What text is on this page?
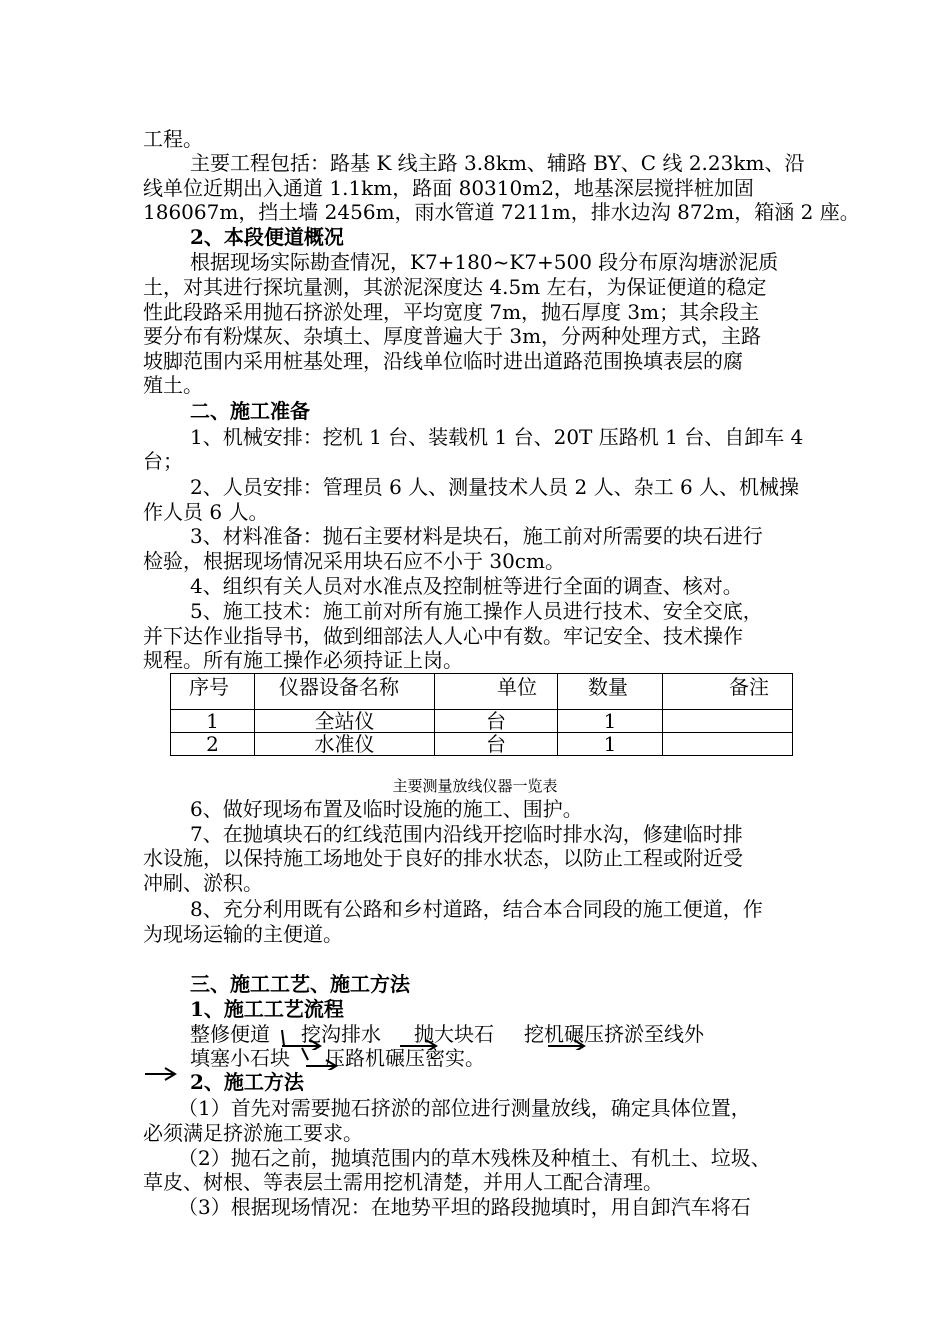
工程。
主要工程包括：路基 K 线主路 3.8km、辅路 BY、C 线 2.23km、沿
线单位近期出入通道 1.1km，路面 80310m2，地基深层搅拌桩加固
186067m，挡土墙 2456m，雨水管道 7211m，排水边沟 872m，箱涵 2 座。
2、本段便道概况
根据现场实际勘查情况，K7+180~K7+500 段分布原沟塘淤泥质
土，对其进行探坑量测，其淤泥深度达 4.5m 左右，为保证便道的稳定
性此段路采用抛石挤淤处理，平均宽度 7m，抛石厚度 3m；其余段主
要分布有粉煤灰、杂填土、厚度普遍大于 3m，分两种处理方式，主路
坡脚范围内采用桩基处理，沿线单位临时进出道路范围换填表层的腐
殖土。
二、施工准备
1、机械安排：挖机 1 台、装载机 1 台、20T 压路机 1 台、自卸车 4
台；
2、人员安排：管理员 6 人、测量技术人员 2 人、杂工 6 人、机械操
作人员 6 人。
3、材料准备：抛石主要材料是块石，施工前对所需要的块石进行
检验，根据现场情况采用块石应不小于 30cm。
4、组织有关人员对水准点及控制桩等进行全面的调查、核对。
5、施工技术：施工前对所有施工操作人员进行技术、安全交底，
并下达作业指导书，做到细部法人人心中有数。牢记安全、技术操作
规程。所有施工操作必须持证上岗。
序号	仪器设备名称	单位	数量	备注
1	全站仪	台	1	
2	水准仪	台	1	
主要测量放线仪器一览表
6、做好现场布置及临时设施的施工、围护。
7、在抛填块石的红线范围内沿线开挖临时排水沟，修建临时排
水设施，以保持施工场地处于良好的排水状态，以防止工程或附近受
冲刷、淤积。
8、充分利用既有公路和乡村道路，结合本合同段的施工便道，作
为现场运输的主便道。
三、施工工艺、施工方法
1、施工工艺流程
整修便道 挖沟排水 抛大块石 挖机碾压挤淤至线外
填塞小石块 压路机碾压密实。
2、施工方法
（1）首先对需要抛石挤淤的部位进行测量放线，确定具体位置，
必须满足挤淤施工要求。
（2）抛石之前，抛填范围内的草木残株及种植土、有机土、垃圾、
草皮、树根、等表层土需用挖机清楚，并用人工配合清理。
（3）根据现场情况：在地势平坦的路段抛填时，用自卸汽车将石
